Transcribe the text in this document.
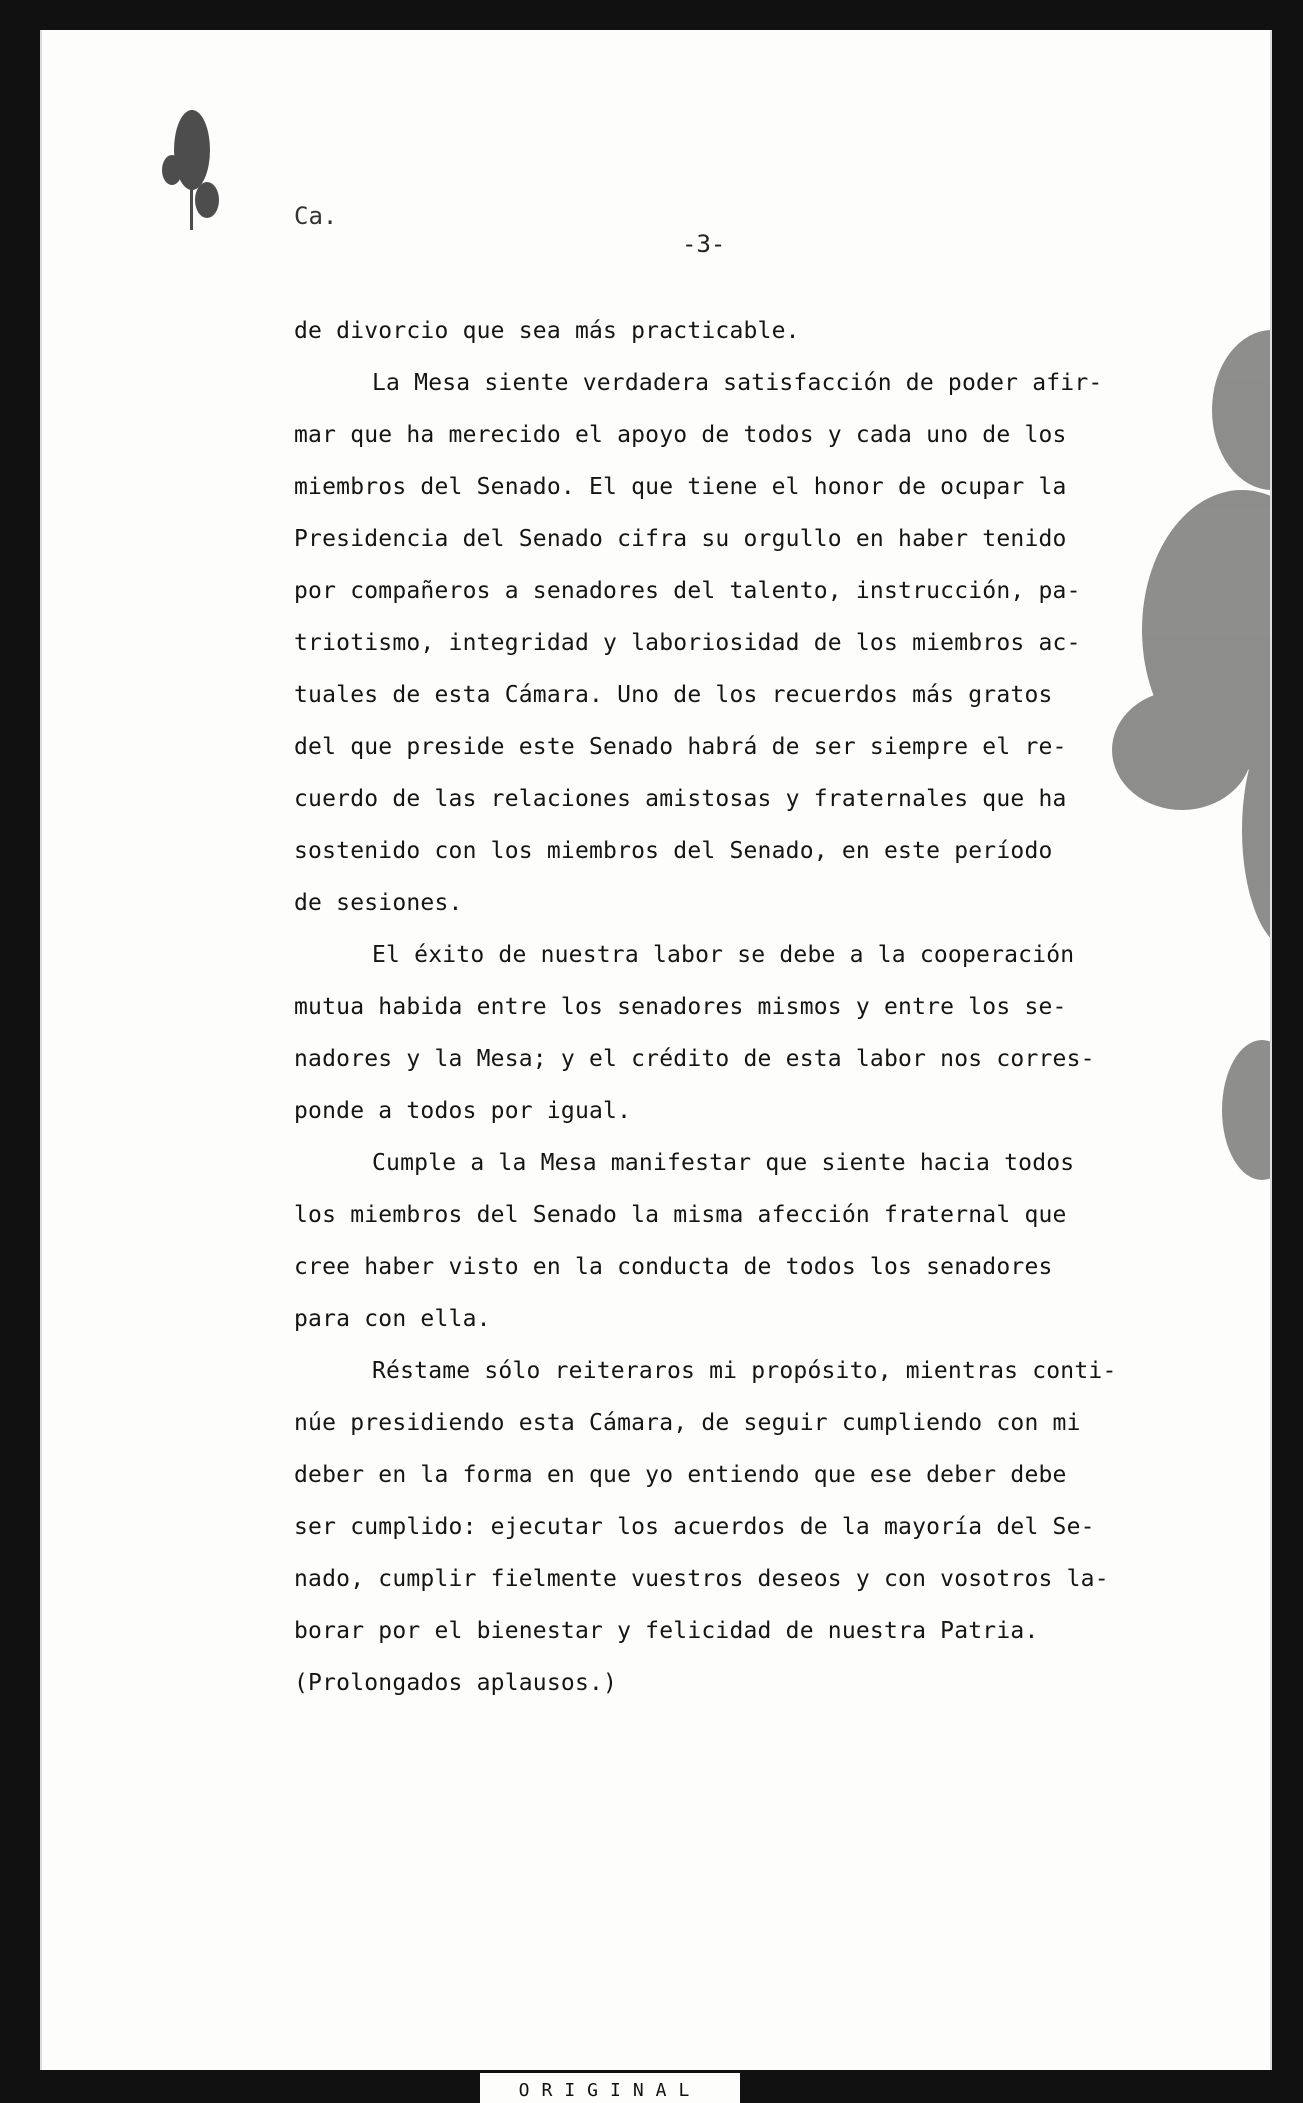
Ca.
-3-
de divorcio que sea más practicable.
La Mesa siente verdadera satisfacción de poder afir-
mar que ha merecido el apoyo de todos y cada uno de los
miembros del Senado. El que tiene el honor de ocupar la
Presidencia del Senado cifra su orgullo en haber tenido
por compañeros a senadores del talento, instrucción, pa-
triotismo, integridad y laboriosidad de los miembros ac-
tuales de esta Cámara. Uno de los recuerdos más gratos
del que preside este Senado habrá de ser siempre el re-
cuerdo de las relaciones amistosas y fraternales que ha
sostenido con los miembros del Senado, en este período
de sesiones.
El éxito de nuestra labor se debe a la cooperación
mutua habida entre los senadores mismos y entre los se-
nadores y la Mesa; y el crédito de esta labor nos corres-
ponde a todos por igual.
Cumple a la Mesa manifestar que siente hacia todos
los miembros del Senado la misma afección fraternal que
cree haber visto en la conducta de todos los senadores
para con ella.
Réstame sólo reiteraros mi propósito, mientras conti-
núe presidiendo esta Cámara, de seguir cumpliendo con mi
deber en la forma en que yo entiendo que ese deber debe
ser cumplido: ejecutar los acuerdos de la mayoría del Se-
nado, cumplir fielmente vuestros deseos y con vosotros la-
borar por el bienestar y felicidad de nuestra Patria.
(Prolongados aplausos.)
ORIGINAL
